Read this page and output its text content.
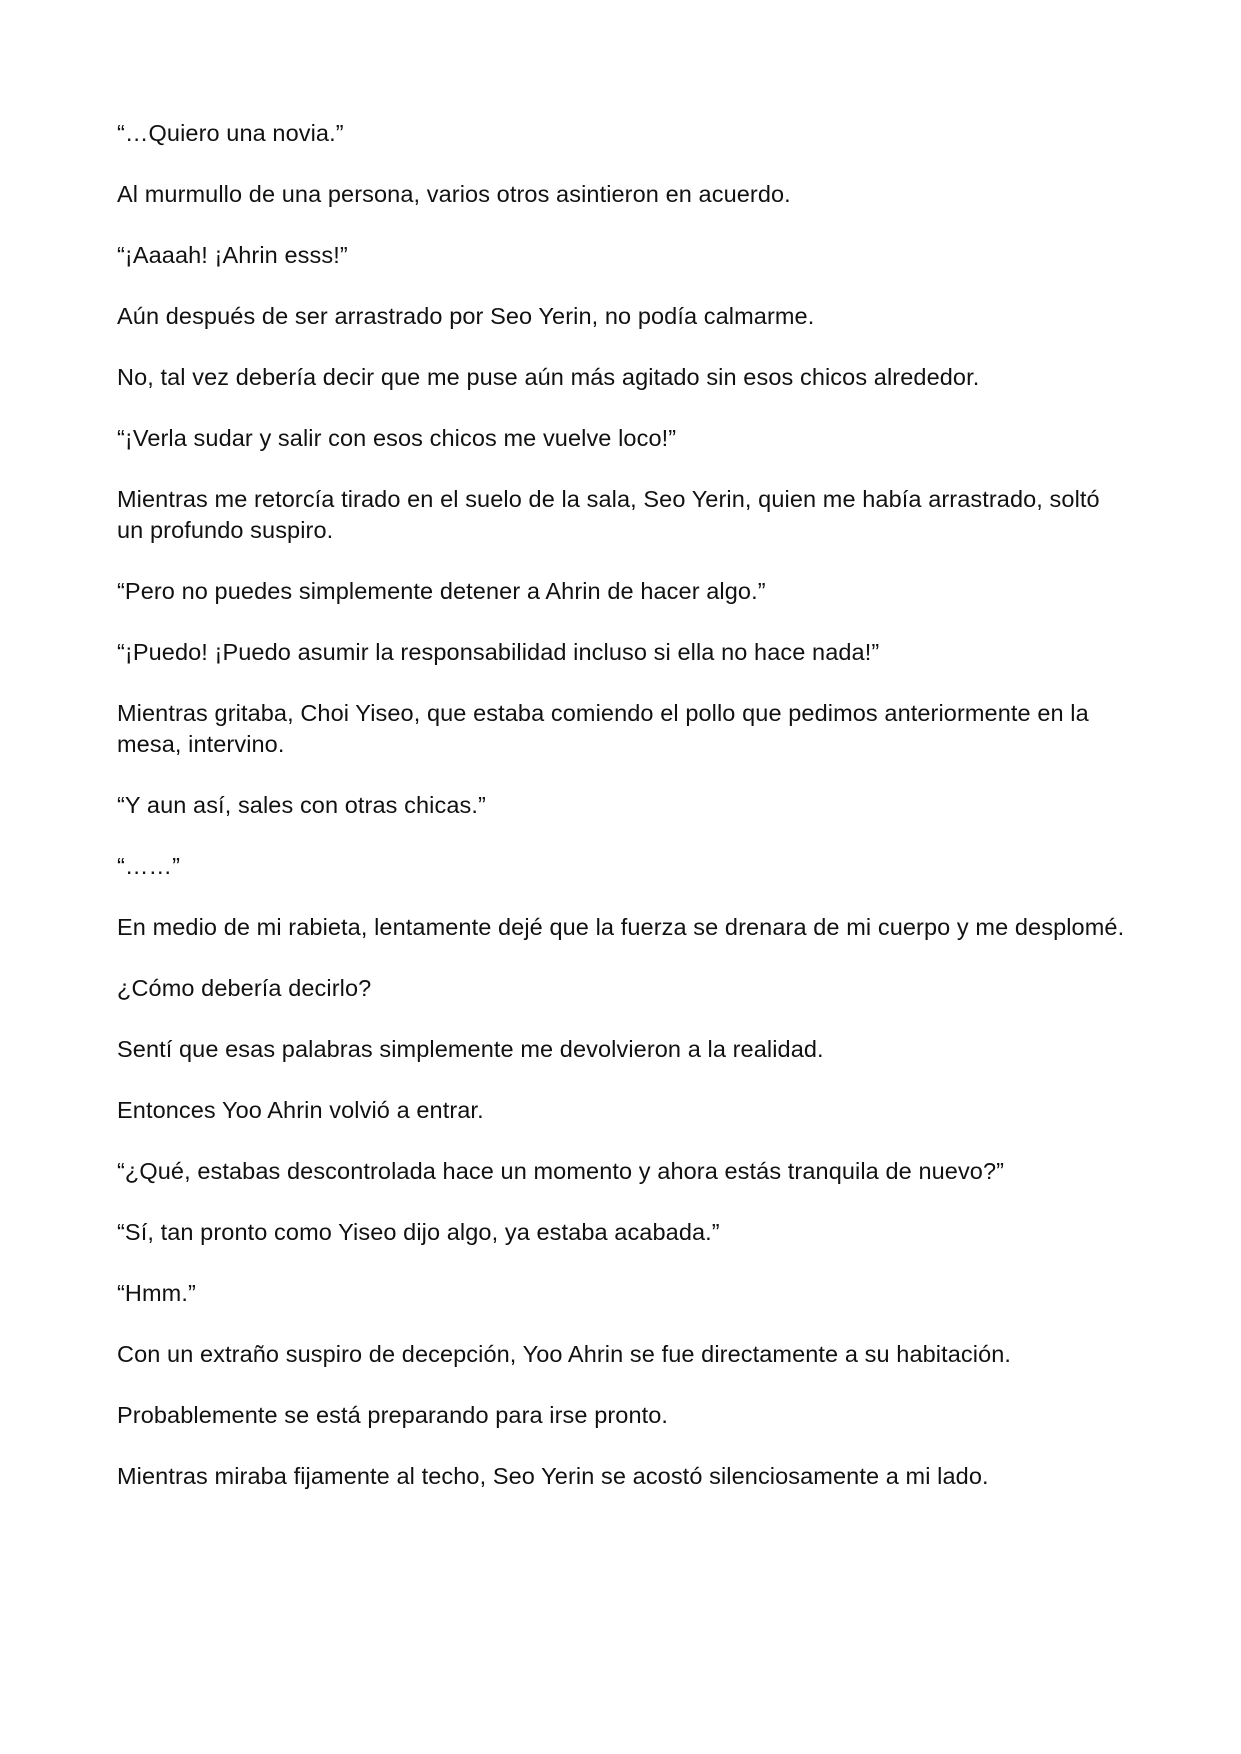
“…Quiero una novia.”

Al murmullo de una persona, varios otros asintieron en acuerdo.

“¡Aaaah! ¡Ahrin esss!”

Aún después de ser arrastrado por Seo Yerin, no podía calmarme.

No, tal vez debería decir que me puse aún más agitado sin esos chicos alrededor.

“¡Verla sudar y salir con esos chicos me vuelve loco!”

Mientras me retorcía tirado en el suelo de la sala, Seo Yerin, quien me había arrastrado, soltó un profundo suspiro.

“Pero no puedes simplemente detener a Ahrin de hacer algo.”

“¡Puedo! ¡Puedo asumir la responsabilidad incluso si ella no hace nada!”

Mientras gritaba, Choi Yiseo, que estaba comiendo el pollo que pedimos anteriormente en la mesa, intervino.

“Y aun así, sales con otras chicas.”

“……”

En medio de mi rabieta, lentamente dejé que la fuerza se drenara de mi cuerpo y me desplomé.

¿Cómo debería decirlo?

Sentí que esas palabras simplemente me devolvieron a la realidad.

Entonces Yoo Ahrin volvió a entrar.

“¿Qué, estabas descontrolada hace un momento y ahora estás tranquila de nuevo?”

“Sí, tan pronto como Yiseo dijo algo, ya estaba acabada.”

“Hmm.”

Con un extraño suspiro de decepción, Yoo Ahrin se fue directamente a su habitación.

Probablemente se está preparando para irse pronto.

Mientras miraba fijamente al techo, Seo Yerin se acostó silenciosamente a mi lado.
